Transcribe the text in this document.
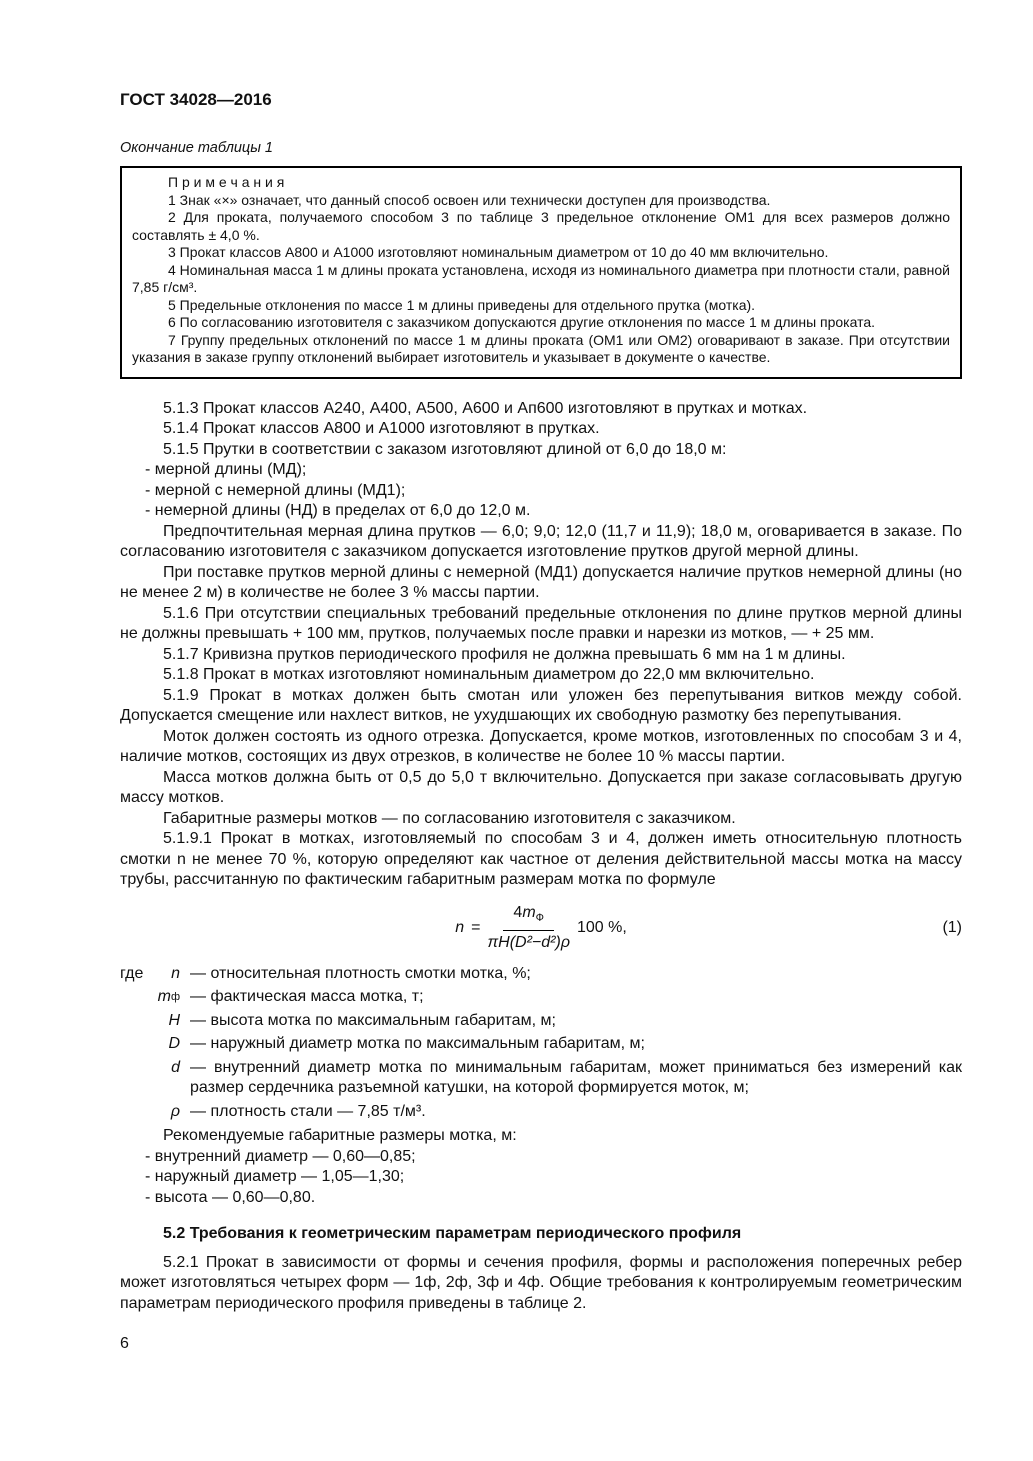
ГОСТ 34028—2016
Окончание таблицы 1
П р и м е ч а н и я

1 Знак «×» означает, что данный способ освоен или технически доступен для производства.

2 Для проката, получаемого способом 3 по таблице 3 предельное отклонение ОМ1 для всех размеров должно составлять ± 4,0 %.

3 Прокат классов А800 и А1000 изготовляют номинальным диаметром от 10 до 40 мм включительно.

4 Номинальная масса 1 м длины проката установлена, исходя из номинального диаметра при плотности стали, равной 7,85 г/см³.

5 Предельные отклонения по массе 1 м длины приведены для отдельного прутка (мотка).

6 По согласованию изготовителя с заказчиком допускаются другие отклонения по массе 1 м длины проката.

7 Группу предельных отклонений по массе 1 м длины проката (ОМ1 или ОМ2) оговаривают в заказе. При отсутствии указания в заказе группу отклонений выбирает изготовитель и указывает в документе о качестве.

5.1.3 Прокат классов А240, А400, А500, А600 и Ап600 изготовляют в прутках и мотках.

5.1.4 Прокат классов А800 и А1000 изготовляют в прутках.

5.1.5 Прутки в соответствии с заказом изготовляют длиной от 6,0 до 18,0 м:

- мерной длины (МД);

- мерной с немерной длины (МД1);

- немерной длины (НД) в пределах от 6,0 до 12,0 м.

Предпочтительная мерная длина прутков — 6,0; 9,0; 12,0 (11,7 и 11,9); 18,0 м, оговаривается в заказе. По согласованию изготовителя с заказчиком допускается изготовление прутков другой мерной длины.

При поставке прутков мерной длины с немерной (МД1) допускается наличие прутков немерной длины (но не менее 2 м) в количестве не более 3 % массы партии.

5.1.6 При отсутствии специальных требований предельные отклонения по длине прутков мерной длины не должны превышать + 100 мм, прутков, получаемых после правки и нарезки из мотков, — + 25 мм.

5.1.7 Кривизна прутков периодического профиля не должна превышать 6 мм на 1 м длины.

5.1.8 Прокат в мотках изготовляют номинальным диаметром до 22,0 мм включительно.

5.1.9 Прокат в мотках должен быть смотан или уложен без перепутывания витков между собой. Допускается смещение или нахлест витков, не ухудшающих их свободную размотку без перепутывания.

Моток должен состоять из одного отрезка. Допускается, кроме мотков, изготовленных по способам 3 и 4, наличие мотков, состоящих из двух отрезков, в количестве не более 10 % массы партии.

Масса мотков должна быть от 0,5 до 5,0 т включительно. Допускается при заказе согласовывать другую массу мотков.

Габаритные размеры мотков — по согласованию изготовителя с заказчиком.

5.1.9.1 Прокат в мотках, изготовляемый по способам 3 и 4, должен иметь относительную плотность смотки n не менее 70 %, которую определяют как частное от деления действительной массы мотка на массу трубы, рассчитанную по фактическим габаритным размерам мотка по формуле

$n = \frac{4m_Ф}{\text{πH(D²−d²)ρ}} 100$ %,	(1)
где n — относительная плотность смотки мотка, %;
m ф — фактическая масса мотка, т;
H — высота мотка по максимальным габаритам, м;
D — наружный диаметр мотка по максимальным габаритам, м;
d — внутренний диаметр мотка по минимальным габаритам, может приниматься без измерений как размер сердечника разъемной катушки, на которой формируется моток, м;
ρ — плотность стали — 7,85 т/м³.

Рекомендуемые габаритные размеры мотка, м:

- внутренний диаметр — 0,60—0,85;

- наружный диаметр — 1,05—1,30;

- высота — 0,60—0,80.

5.2 Требования к геометрическим параметрам периодического профиля

5.2.1 Прокат в зависимости от формы и сечения профиля, формы и расположения поперечных ребер может изготовляться четырех форм — 1ф, 2ф, 3ф и 4ф. Общие требования к контролируемым геометрическим параметрам периодического профиля приведены в таблице 2.

6
